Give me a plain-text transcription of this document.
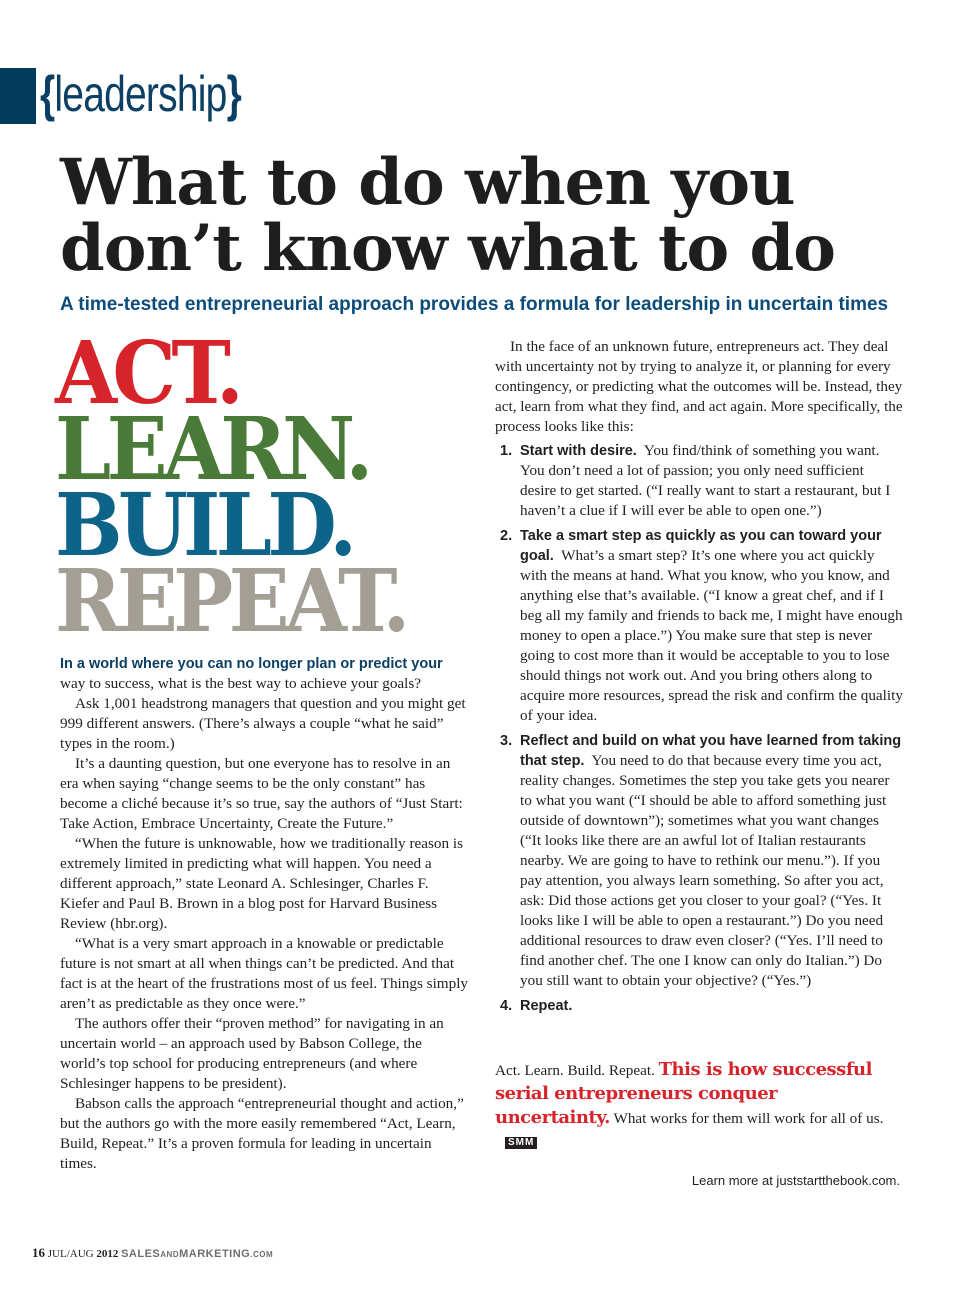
{leadership}
What to do when you
don’t know what to do

A time-tested entrepreneurial approach provides a formula for leadership in uncertain times

ACT.
LEARN.
BUILD.
REPEAT.

In a world where you can no longer plan or predict your way to success, what is the best way to achieve your goals?

Ask 1,001 headstrong managers that question and you might get 999 different answers. (There’s always a couple “what he said” types in the room.)

It’s a daunting question, but one everyone has to resolve in an era when saying “change seems to be the only constant” has become a cliché because it’s so true, say the authors of “Just Start: Take Action, Embrace Uncertainty, Create the Future.”

“When the future is unknowable, how we traditionally reason is extremely limited in predicting what will happen. You need a different approach,” state Leonard A. Schlesinger, Charles F. Kiefer and Paul B. Brown in a blog post for Harvard Business Review (hbr.org).

“What is a very smart approach in a knowable or predictable future is not smart at all when things can’t be predicted. And that fact is at the heart of the frustrations most of us feel. Things simply aren’t as predictable as they once were.”

The authors offer their “proven method” for navigating in an uncertain world – an approach used by Babson College, the world’s top school for producing entrepreneurs (and where Schlesinger happens to be president).

Babson calls the approach “entrepreneurial thought and action,” but the authors go with the more easily remembered “Act, Learn, Build, Repeat.” It’s a proven formula for leading in uncertain times.

In the face of an unknown future, entrepreneurs act. They deal with uncertainty not by trying to analyze it, or planning for every contingency, or predicting what the outcomes will be. Instead, they act, learn from what they find, and act again. More specifically, the process looks like this:

1. Start with desire. You find/think of something you want. You don’t need a lot of passion; you only need sufficient desire to get started. (“I really want to start a restaurant, but I haven’t a clue if I will ever be able to open one.”)
2. Take a smart step as quickly as you can toward your goal. What’s a smart step? It’s one where you act quickly with the means at hand. What you know, who you know, and anything else that’s available. (“I know a great chef, and if I beg all my family and friends to back me, I might have enough money to open a place.”) You make sure that step is never going to cost more than it would be acceptable to you to lose should things not work out. And you bring others along to acquire more resources, spread the risk and confirm the quality of your idea.
3. Reflect and build on what you have learned from taking that step. You need to do that because every time you act, reality changes. Sometimes the step you take gets you nearer to what you want (“I should be able to afford something just outside of downtown”); sometimes what you want changes (“It looks like there are an awful lot of Italian restaurants nearby. We are going to have to rethink our menu.”). If you pay attention, you always learn something. So after you act, ask: Did those actions get you closer to your goal? (“Yes. It looks like I will be able to open a restaurant.”) Do you need additional resources to draw even closer? (“Yes. I’ll need to find another chef. The one I know can only do Italian.”) Do you still want to obtain your objective? (“Yes.”)
4. Repeat.
Act. Learn. Build. Repeat. This is how successful serial entrepreneurs conquer uncertainty. What works for them will work for all of us. SMM
Learn more at juststartthebook.com.
16 JUL/AUG 2012 SALESANDMARKETING.COM
